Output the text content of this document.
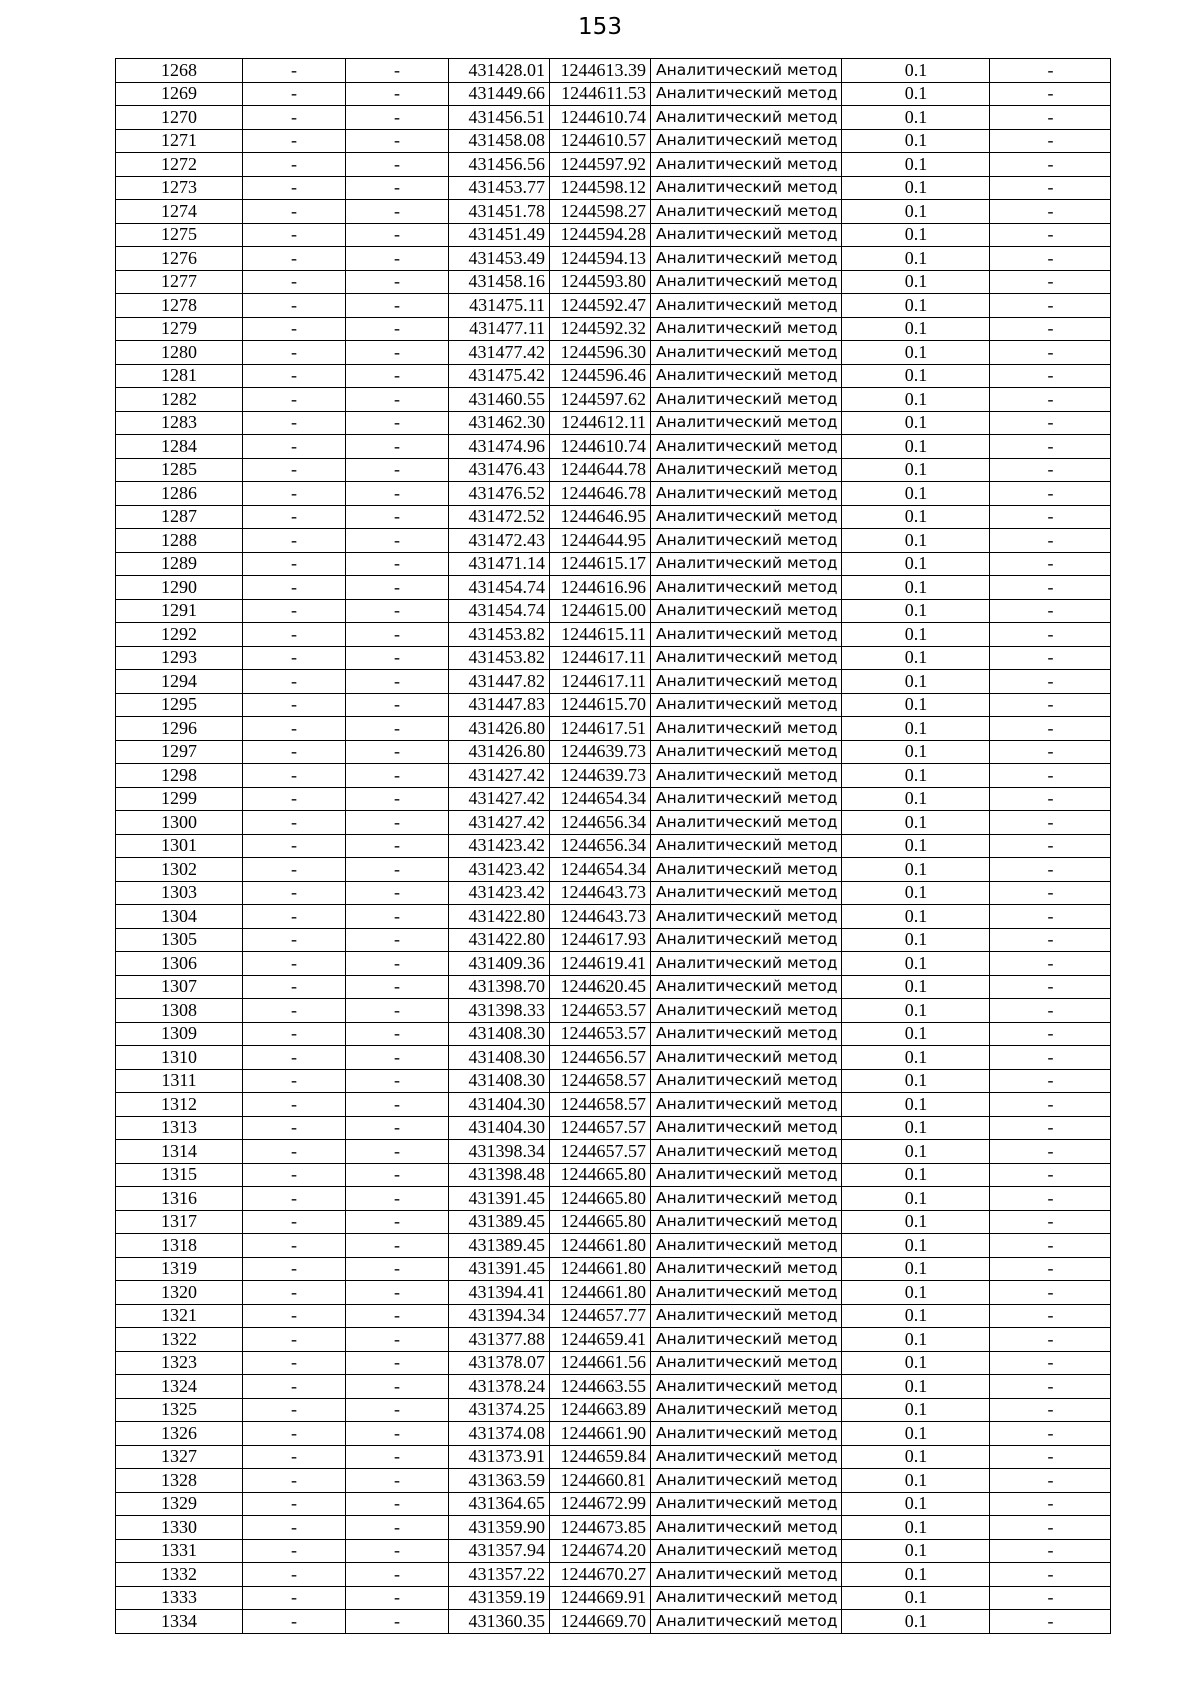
153
1268	-	-	431428.01	1244613.39	Аналитический метод	0.1	-
1269	-	-	431449.66	1244611.53	Аналитический метод	0.1	-
1270	-	-	431456.51	1244610.74	Аналитический метод	0.1	-
1271	-	-	431458.08	1244610.57	Аналитический метод	0.1	-
1272	-	-	431456.56	1244597.92	Аналитический метод	0.1	-
1273	-	-	431453.77	1244598.12	Аналитический метод	0.1	-
1274	-	-	431451.78	1244598.27	Аналитический метод	0.1	-
1275	-	-	431451.49	1244594.28	Аналитический метод	0.1	-
1276	-	-	431453.49	1244594.13	Аналитический метод	0.1	-
1277	-	-	431458.16	1244593.80	Аналитический метод	0.1	-
1278	-	-	431475.11	1244592.47	Аналитический метод	0.1	-
1279	-	-	431477.11	1244592.32	Аналитический метод	0.1	-
1280	-	-	431477.42	1244596.30	Аналитический метод	0.1	-
1281	-	-	431475.42	1244596.46	Аналитический метод	0.1	-
1282	-	-	431460.55	1244597.62	Аналитический метод	0.1	-
1283	-	-	431462.30	1244612.11	Аналитический метод	0.1	-
1284	-	-	431474.96	1244610.74	Аналитический метод	0.1	-
1285	-	-	431476.43	1244644.78	Аналитический метод	0.1	-
1286	-	-	431476.52	1244646.78	Аналитический метод	0.1	-
1287	-	-	431472.52	1244646.95	Аналитический метод	0.1	-
1288	-	-	431472.43	1244644.95	Аналитический метод	0.1	-
1289	-	-	431471.14	1244615.17	Аналитический метод	0.1	-
1290	-	-	431454.74	1244616.96	Аналитический метод	0.1	-
1291	-	-	431454.74	1244615.00	Аналитический метод	0.1	-
1292	-	-	431453.82	1244615.11	Аналитический метод	0.1	-
1293	-	-	431453.82	1244617.11	Аналитический метод	0.1	-
1294	-	-	431447.82	1244617.11	Аналитический метод	0.1	-
1295	-	-	431447.83	1244615.70	Аналитический метод	0.1	-
1296	-	-	431426.80	1244617.51	Аналитический метод	0.1	-
1297	-	-	431426.80	1244639.73	Аналитический метод	0.1	-
1298	-	-	431427.42	1244639.73	Аналитический метод	0.1	-
1299	-	-	431427.42	1244654.34	Аналитический метод	0.1	-
1300	-	-	431427.42	1244656.34	Аналитический метод	0.1	-
1301	-	-	431423.42	1244656.34	Аналитический метод	0.1	-
1302	-	-	431423.42	1244654.34	Аналитический метод	0.1	-
1303	-	-	431423.42	1244643.73	Аналитический метод	0.1	-
1304	-	-	431422.80	1244643.73	Аналитический метод	0.1	-
1305	-	-	431422.80	1244617.93	Аналитический метод	0.1	-
1306	-	-	431409.36	1244619.41	Аналитический метод	0.1	-
1307	-	-	431398.70	1244620.45	Аналитический метод	0.1	-
1308	-	-	431398.33	1244653.57	Аналитический метод	0.1	-
1309	-	-	431408.30	1244653.57	Аналитический метод	0.1	-
1310	-	-	431408.30	1244656.57	Аналитический метод	0.1	-
1311	-	-	431408.30	1244658.57	Аналитический метод	0.1	-
1312	-	-	431404.30	1244658.57	Аналитический метод	0.1	-
1313	-	-	431404.30	1244657.57	Аналитический метод	0.1	-
1314	-	-	431398.34	1244657.57	Аналитический метод	0.1	-
1315	-	-	431398.48	1244665.80	Аналитический метод	0.1	-
1316	-	-	431391.45	1244665.80	Аналитический метод	0.1	-
1317	-	-	431389.45	1244665.80	Аналитический метод	0.1	-
1318	-	-	431389.45	1244661.80	Аналитический метод	0.1	-
1319	-	-	431391.45	1244661.80	Аналитический метод	0.1	-
1320	-	-	431394.41	1244661.80	Аналитический метод	0.1	-
1321	-	-	431394.34	1244657.77	Аналитический метод	0.1	-
1322	-	-	431377.88	1244659.41	Аналитический метод	0.1	-
1323	-	-	431378.07	1244661.56	Аналитический метод	0.1	-
1324	-	-	431378.24	1244663.55	Аналитический метод	0.1	-
1325	-	-	431374.25	1244663.89	Аналитический метод	0.1	-
1326	-	-	431374.08	1244661.90	Аналитический метод	0.1	-
1327	-	-	431373.91	1244659.84	Аналитический метод	0.1	-
1328	-	-	431363.59	1244660.81	Аналитический метод	0.1	-
1329	-	-	431364.65	1244672.99	Аналитический метод	0.1	-
1330	-	-	431359.90	1244673.85	Аналитический метод	0.1	-
1331	-	-	431357.94	1244674.20	Аналитический метод	0.1	-
1332	-	-	431357.22	1244670.27	Аналитический метод	0.1	-
1333	-	-	431359.19	1244669.91	Аналитический метод	0.1	-
1334	-	-	431360.35	1244669.70	Аналитический метод	0.1	-
